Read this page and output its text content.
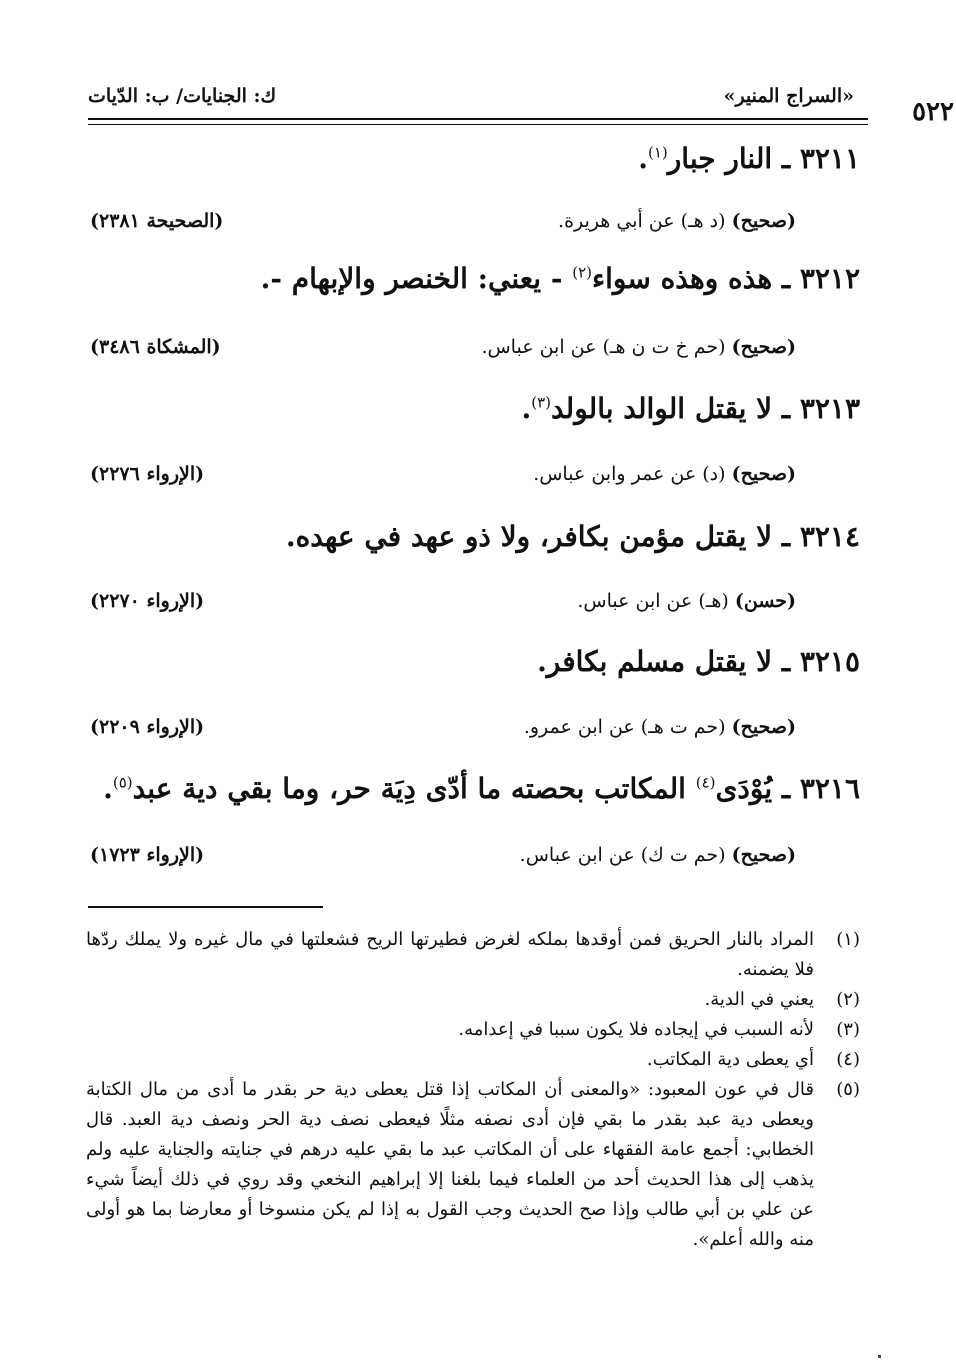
«السراج المنير»
ك: الجنايات/ ب: الدّيات
٥٢٢
٣٢١١ ـ النار جبار$^{(١)}$.
(صحيح) (د هـ) عن أبي هريرة.
(الصحيحة ٢٣٨١)
٣٢١٢ ـ هذه وهذه سواء$^{(٢)}$ - يعني: الخنصر والإبهام -.
(صحيح) (حم خ ت ن هـ) عن ابن عباس.
(المشكاة ٣٤٨٦)
٣٢١٣ ـ لا يقتل الوالد بالولد$^{(٣)}$.
(صحيح) (د) عن عمر وابن عباس.
(الإرواء ٢٢٧٦)
٣٢١٤ ـ لا يقتل مؤمن بكافر، ولا ذو عهد في عهده.
(حسن) (هـ) عن ابن عباس.
(الإرواء ٢٢٧٠)
٣٢١٥ ـ لا يقتل مسلم بكافر.
(صحيح) (حم ت هـ) عن ابن عمرو.
(الإرواء ٢٢٠٩)
٣٢١٦ ـ يُوْدَى$^{(٤)}$ المكاتب بحصته ما أدّى دِيَة حر، وما بقي دية عبد$^{(٥)}$.
(صحيح) (حم ت ك) عن ابن عباس.
(الإرواء ١٧٢٣)
(١)
المراد بالنار الحريق فمن أوقدها بملكه لغرض فطيرتها الريح فشعلتها في مال غيره ولا يملك ردّها فلا يضمنه.
(٢)
يعني في الدية.
(٣)
لأنه السبب في إيجاده فلا يكون سببا في إعدامه.
(٤)
أي يعطى دية المكاتب.
(٥)
قال في عون المعبود: «والمعنى أن المكاتب إذا قتل يعطى دية حر بقدر ما أدى من مال الكتابة ويعطى دية عبد بقدر ما بقي فإن أدى نصفه مثلًا فيعطى نصف دية الحر ونصف دية العبد. قال الخطابي: أجمع عامة الفقهاء على أن المكاتب عبد ما بقي عليه درهم في جنايته والجناية عليه ولم يذهب إلى هذا الحديث أحد من العلماء فيما بلغنا إلا إبراهيم النخعي وقد روي في ذلك أيضاً شيء عن علي بن أبي طالب وإذا صح الحديث وجب القول به إذا لم يكن منسوخا أو معارضا بما هو أولى منه والله أعلم».
